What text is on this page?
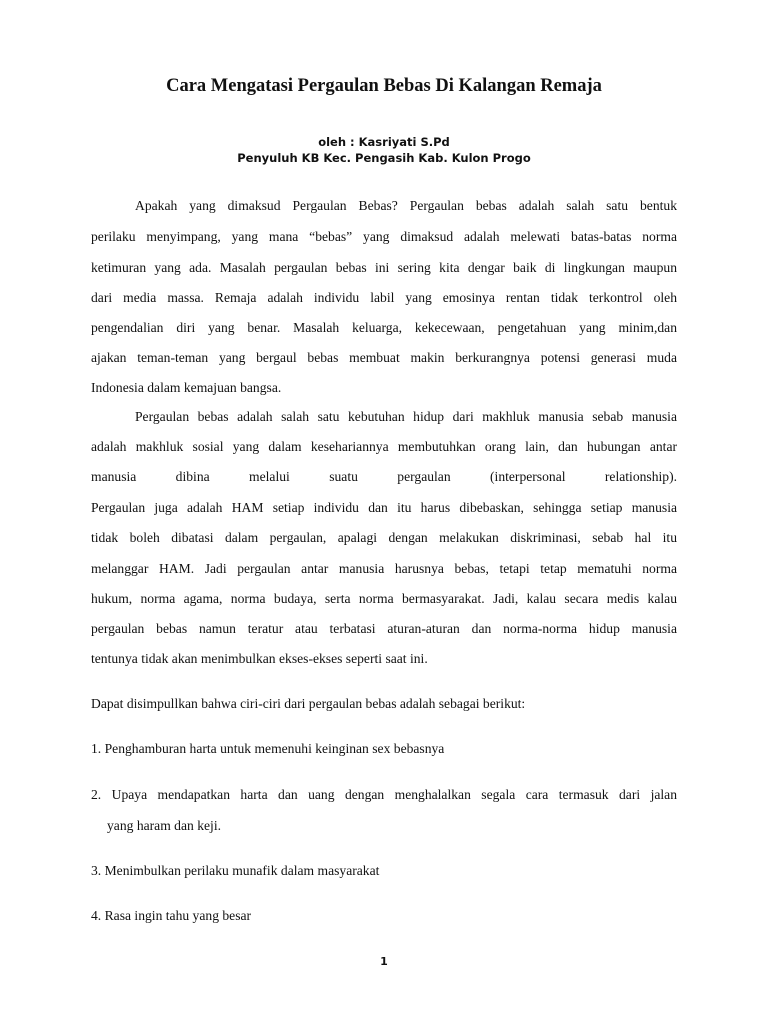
Cara Mengatasi Pergaulan Bebas Di Kalangan Remaja
oleh : Kasriyati S.Pd
Penyuluh KB Kec. Pengasih Kab. Kulon Progo
Apakah yang dimaksud Pergaulan Bebas? Pergaulan bebas adalah salah satu bentuk
perilaku menyimpang, yang mana “bebas” yang dimaksud adalah melewati batas-batas norma
ketimuran yang ada. Masalah pergaulan bebas ini sering kita dengar baik di lingkungan maupun
dari media massa. Remaja adalah individu labil yang emosinya rentan tidak terkontrol oleh
pengendalian diri yang benar. Masalah keluarga, kekecewaan, pengetahuan yang minim,dan
ajakan teman-teman yang bergaul bebas membuat makin berkurangnya potensi generasi muda
Indonesia dalam kemajuan bangsa.
Pergaulan bebas adalah salah satu kebutuhan hidup dari makhluk manusia sebab manusia
adalah makhluk sosial yang dalam kesehariannya membutuhkan orang lain, dan hubungan antar
manusia dibina melalui suatu pergaulan (interpersonal relationship).
Pergaulan juga adalah HAM setiap individu dan itu harus dibebaskan, sehingga setiap manusia
tidak boleh dibatasi dalam pergaulan, apalagi dengan melakukan diskriminasi, sebab hal itu
melanggar HAM. Jadi pergaulan antar manusia harusnya bebas, tetapi tetap mematuhi norma
hukum, norma agama, norma budaya, serta norma bermasyarakat. Jadi, kalau secara medis kalau
pergaulan bebas namun teratur atau terbatasi aturan-aturan dan norma-norma hidup manusia
tentunya tidak akan menimbulkan ekses-ekses seperti saat ini.
Dapat disimpullkan bahwa ciri-ciri dari pergaulan bebas adalah sebagai berikut:
1. Penghamburan harta untuk memenuhi keinginan sex bebasnya
2. Upaya mendapatkan harta dan uang dengan menghalalkan segala cara termasuk dari jalan
yang haram dan keji.
3. Menimbulkan perilaku munafik dalam masyarakat
4. Rasa ingin tahu yang besar
1
